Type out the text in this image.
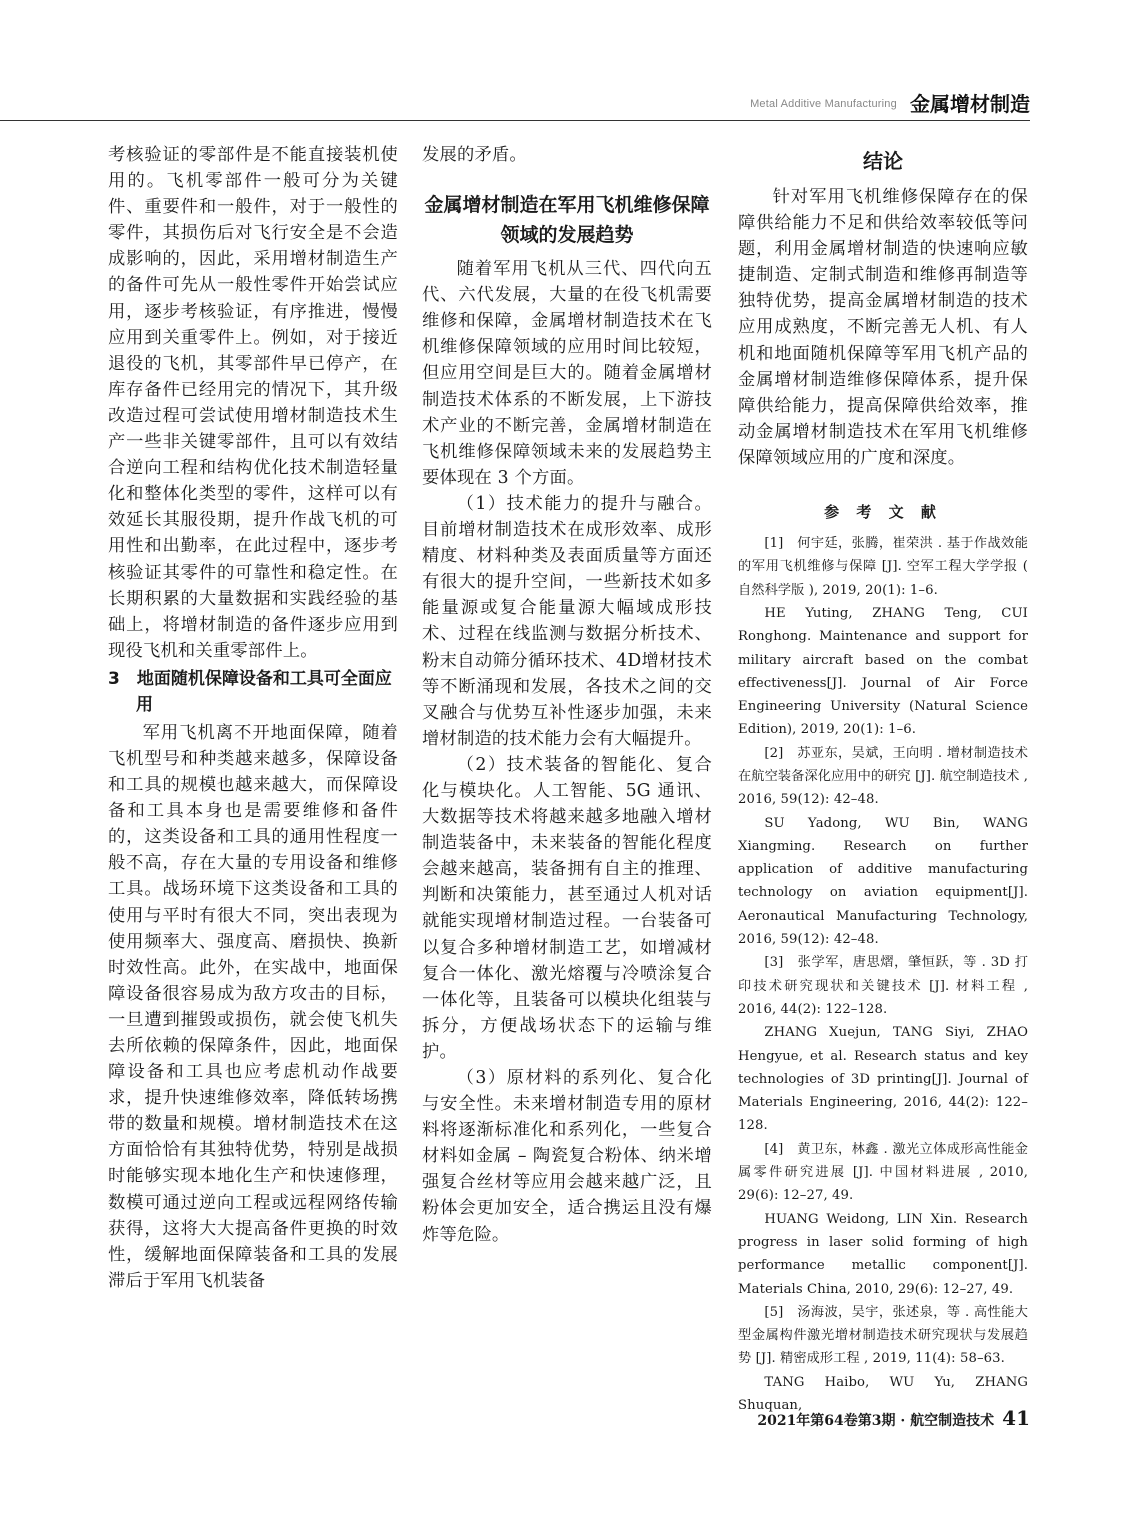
$^{Metal Additive Manufacturing}$ 金属增材制造

考核验证的零部件是不能直接装机使用的。飞机零部件一般可分为关键件、重要件和一般件，对于一般性的零件，其损伤后对飞行安全是不会造成影响的，因此，采用增材制造生产的备件可先从一般性零件开始尝试应用，逐步考核验证，有序推进，慢慢应用到关重零件上。例如，对于接近退役的飞机，其零部件早已停产，在库存备件已经用完的情况下，其升级改造过程可尝试使用增材制造技术生产一些非关键零部件，且可以有效结合逆向工程和结构优化技术制造轻量化和整体化类型的零件，这样可以有效延长其服役期，提升作战飞机的可用性和出勤率，在此过程中，逐步考核验证其零件的可靠性和稳定性。在长期积累的大量数据和实践经验的基础上，将增材制造的备件逐步应用到现役飞机和关重零部件上。

3　地面随机保障设备和工具可全面应用

军用飞机离不开地面保障，随着飞机型号和种类越来越多，保障设备和工具的规模也越来越大，而保障设备和工具本身也是需要维修和备件的，这类设备和工具的通用性程度一般不高，存在大量的专用设备和维修工具。战场环境下这类设备和工具的使用与平时有很大不同，突出表现为使用频率大、强度高、磨损快、换新时效性高。此外，在实战中，地面保障设备很容易成为敌方攻击的目标，一旦遭到摧毁或损伤，就会使飞机失去所依赖的保障条件，因此，地面保障设备和工具也应考虑机动作战要求，提升快速维修效率，降低转场携带的数量和规模。增材制造技术在这方面恰恰有其独特优势，特别是战损时能够实现本地化生产和快速修理，数模可通过逆向工程或远程网络传输获得，这将大大提高备件更换的时效性，缓解地面保障装备和工具的发展滞后于军用飞机装备

发展的矛盾。

金属增材制造在军用飞机维修保障领域的发展趋势

随着军用飞机从三代、四代向五代、六代发展，大量的在役飞机需要维修和保障，金属增材制造技术在飞机维修保障领域的应用时间比较短，但应用空间是巨大的。随着金属增材制造技术体系的不断发展，上下游技术产业的不断完善，金属增材制造在飞机维修保障领域未来的发展趋势主要体现在 3 个方面。

（1）技术能力的提升与融合。目前增材制造技术在成形效率、成形精度、材料种类及表面质量等方面还有很大的提升空间，一些新技术如多能量源或复合能量源大幅域成形技术、过程在线监测与数据分析技术、粉末自动筛分循环技术、4D增材技术等不断涌现和发展，各技术之间的交叉融合与优势互补性逐步加强，未来增材制造的技术能力会有大幅提升。

（2）技术装备的智能化、复合化与模块化。人工智能、5G 通讯、大数据等技术将越来越多地融入增材制造装备中，未来装备的智能化程度会越来越高，装备拥有自主的推理、判断和决策能力，甚至通过人机对话就能实现增材制造过程。一台装备可以复合多种增材制造工艺，如增减材复合一体化、激光熔覆与冷喷涂复合一体化等，且装备可以模块化组装与拆分，方便战场状态下的运输与维护。

（3）原材料的系列化、复合化与安全性。未来增材制造专用的原材料将逐渐标准化和系列化，一些复合材料如金属 – 陶瓷复合粉体、纳米增强复合丝材等应用会越来越广泛，且粉体会更加安全，适合携运且没有爆炸等危险。

结论

针对军用飞机维修保障存在的保障供给能力不足和供给效率较低等问题，利用金属增材制造的快速响应敏捷制造、定制式制造和维修再制造等独特优势，提高金属增材制造的技术应用成熟度，不断完善无人机、有人机和地面随机保障等军用飞机产品的金属增材制造维修保障体系，提升保障供给能力，提高保障供给效率，推动金属增材制造技术在军用飞机维修保障领域应用的广度和深度。

参 考 文 献

[1]　何宇廷，张腾，崔荣洪 . 基于作战效能的军用飞机维修与保障 [J]. 空军工程大学学报 ( 自然科学版 ), 2019, 20(1): 1–6.

HE Yuting, ZHANG Teng, CUI Ronghong. Maintenance and support for military aircraft based on the combat effectiveness[J]. Journal of Air Force Engineering University (Natural Science Edition), 2019, 20(1): 1–6.

[2]　苏亚东，吴斌，王向明 . 增材制造技术在航空装备深化应用中的研究 [J]. 航空制造技术 , 2016, 59(12): 42–48.

SU Yadong, WU Bin, WANG Xiangming. Research on further application of additive manufacturing technology on aviation equipment[J]. Aeronautical Manufacturing Technology, 2016, 59(12): 42–48.

[3]　张学军，唐思熠，肇恒跃，等 . 3D 打印技术研究现状和关键技术 [J]. 材料工程 , 2016, 44(2): 122–128.

ZHANG Xuejun, TANG Siyi, ZHAO Hengyue, et al. Research status and key technologies of 3D printing[J]. Journal of Materials Engineering, 2016, 44(2): 122–128.

[4]　黄卫东，林鑫 . 激光立体成形高性能金属零件研究进展 [J]. 中国材料进展 , 2010, 29(6): 12–27, 49.

HUANG Weidong, LIN Xin. Research progress in laser solid forming of high performance metallic component[J]. Materials China, 2010, 29(6): 12–27, 49.

[5]　汤海波，吴宇，张述泉，等 . 高性能大型金属构件激光增材制造技术研究现状与发展趋势 [J]. 精密成形工程 , 2019, 11(4): 58–63.

TANG Haibo, WU Yu, ZHANG Shuquan,

2021年第64卷第3期 · 航空制造技术 41
